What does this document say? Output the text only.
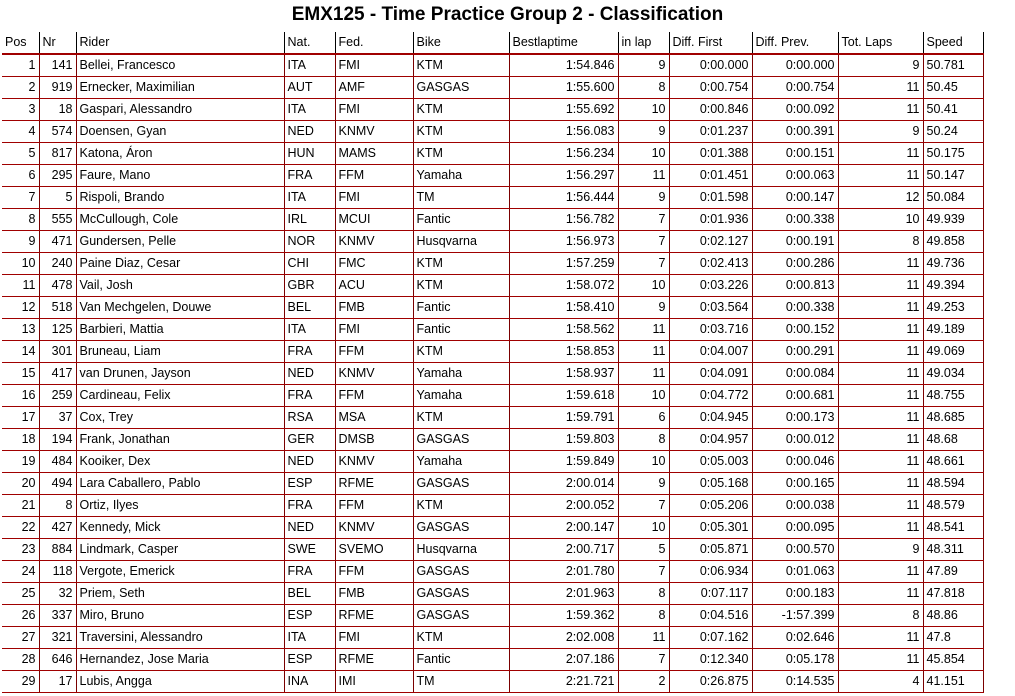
EMX125 - Time Practice Group 2 - Classification
Pos	Nr	Rider	Nat.	Fed.	Bike	Bestlaptime	in lap	Diff. First	Diff. Prev.	Tot. Laps	Speed
1	141	Bellei, Francesco	ITA	FMI	KTM	1:54.846	9	0:00.000	0:00.000	9	50.781
2	919	Ernecker, Maximilian	AUT	AMF	GASGAS	1:55.600	8	0:00.754	0:00.754	11	50.45
3	18	Gaspari, Alessandro	ITA	FMI	KTM	1:55.692	10	0:00.846	0:00.092	11	50.41
4	574	Doensen, Gyan	NED	KNMV	KTM	1:56.083	9	0:01.237	0:00.391	9	50.24
5	817	Katona, Áron	HUN	MAMS	KTM	1:56.234	10	0:01.388	0:00.151	11	50.175
6	295	Faure, Mano	FRA	FFM	Yamaha	1:56.297	11	0:01.451	0:00.063	11	50.147
7	5	Rispoli, Brando	ITA	FMI	TM	1:56.444	9	0:01.598	0:00.147	12	50.084
8	555	McCullough, Cole	IRL	MCUI	Fantic	1:56.782	7	0:01.936	0:00.338	10	49.939
9	471	Gundersen, Pelle	NOR	KNMV	Husqvarna	1:56.973	7	0:02.127	0:00.191	8	49.858
10	240	Paine Diaz, Cesar	CHI	FMC	KTM	1:57.259	7	0:02.413	0:00.286	11	49.736
11	478	Vail, Josh	GBR	ACU	KTM	1:58.072	10	0:03.226	0:00.813	11	49.394
12	518	Van Mechgelen, Douwe	BEL	FMB	Fantic	1:58.410	9	0:03.564	0:00.338	11	49.253
13	125	Barbieri, Mattia	ITA	FMI	Fantic	1:58.562	11	0:03.716	0:00.152	11	49.189
14	301	Bruneau, Liam	FRA	FFM	KTM	1:58.853	11	0:04.007	0:00.291	11	49.069
15	417	van Drunen, Jayson	NED	KNMV	Yamaha	1:58.937	11	0:04.091	0:00.084	11	49.034
16	259	Cardineau, Felix	FRA	FFM	Yamaha	1:59.618	10	0:04.772	0:00.681	11	48.755
17	37	Cox, Trey	RSA	MSA	KTM	1:59.791	6	0:04.945	0:00.173	11	48.685
18	194	Frank, Jonathan	GER	DMSB	GASGAS	1:59.803	8	0:04.957	0:00.012	11	48.68
19	484	Kooiker, Dex	NED	KNMV	Yamaha	1:59.849	10	0:05.003	0:00.046	11	48.661
20	494	Lara Caballero, Pablo	ESP	RFME	GASGAS	2:00.014	9	0:05.168	0:00.165	11	48.594
21	8	Ortiz, Ilyes	FRA	FFM	KTM	2:00.052	7	0:05.206	0:00.038	11	48.579
22	427	Kennedy, Mick	NED	KNMV	GASGAS	2:00.147	10	0:05.301	0:00.095	11	48.541
23	884	Lindmark, Casper	SWE	SVEMO	Husqvarna	2:00.717	5	0:05.871	0:00.570	9	48.311
24	118	Vergote, Emerick	FRA	FFM	GASGAS	2:01.780	7	0:06.934	0:01.063	11	47.89
25	32	Priem, Seth	BEL	FMB	GASGAS	2:01.963	8	0:07.117	0:00.183	11	47.818
26	337	Miro, Bruno	ESP	RFME	GASGAS	1:59.362	8	0:04.516	-1:57.399	8	48.86
27	321	Traversini, Alessandro	ITA	FMI	KTM	2:02.008	11	0:07.162	0:02.646	11	47.8
28	646	Hernandez, Jose Maria	ESP	RFME	Fantic	2:07.186	7	0:12.340	0:05.178	11	45.854
29	17	Lubis, Angga	INA	IMI	TM	2:21.721	2	0:26.875	0:14.535	4	41.151
